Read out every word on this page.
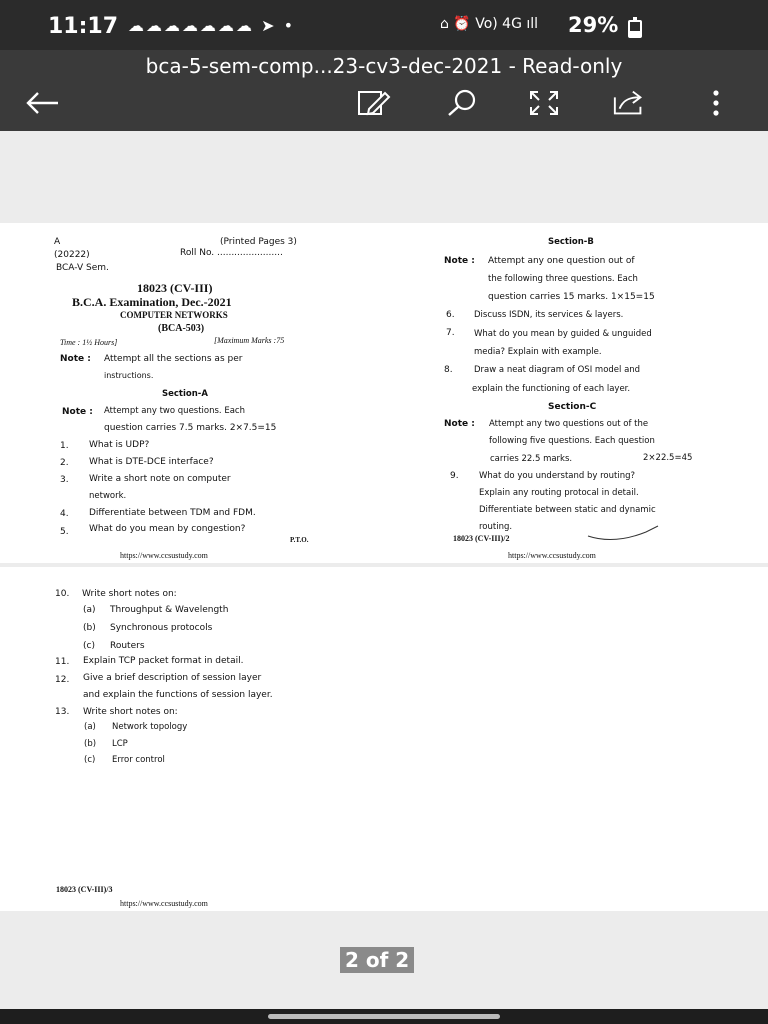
11:17 ☁☁☁☁☁☁☁ ➤ •	⌂ ⏰ Vo) 4G ıll 29%
bca-5-sem-comp...23-cv3-dec-2021 - Read-only
A	(Printed Pages 3)
(20222)	Roll No. .......................
BCA-V Sem.
18023 (CV-III)
B.C.A. Examination, Dec.-2021
COMPUTER NETWORKS
(BCA-503)
Time : 1½ Hours]	[Maximum Marks :75
Note : Attempt all the sections as per
instructions.
Section-A
Note : Attempt any two questions. Each
question carries 7.5 marks. 2×7.5=15
1. What is UDP?
2. What is DTE-DCE interface?
3. Write a short note on computer
network.
4. Differentiate between TDM and FDM.
5. What do you mean by congestion?
P.T.O.
https://www.ccsustudy.com
Section-B
Note : Attempt any one question out of
the following three questions. Each
question carries 15 marks. 1×15=15
6. Discuss ISDN, its services & layers.
7. What do you mean by guided & unguided
media? Explain with example.
8.	Draw a neat diagram of OSI model and
explain the functioning of each layer.
Section-C
Note : Attempt any two questions out of the
following five questions. Each question
carries 22.5 marks.	2×22.5=45
9. What do you understand by routing?
Explain any routing protocal in detail.
Differentiate between static and dynamic
routing.
18023 (CV-III)/2
https://www.ccsustudy.com
10. Write short notes on:
(a) Throughput & Wavelength
(b) Synchronous protocols
(c) Routers
11. Explain TCP packet format in detail.
12. Give a brief description of session layer
and explain the functions of session layer.
13. Write short notes on:
(a) Network topology
(b) LCP
(c) Error control
18023 (CV-III)/3
https://www.ccsustudy.com
2 of 2
